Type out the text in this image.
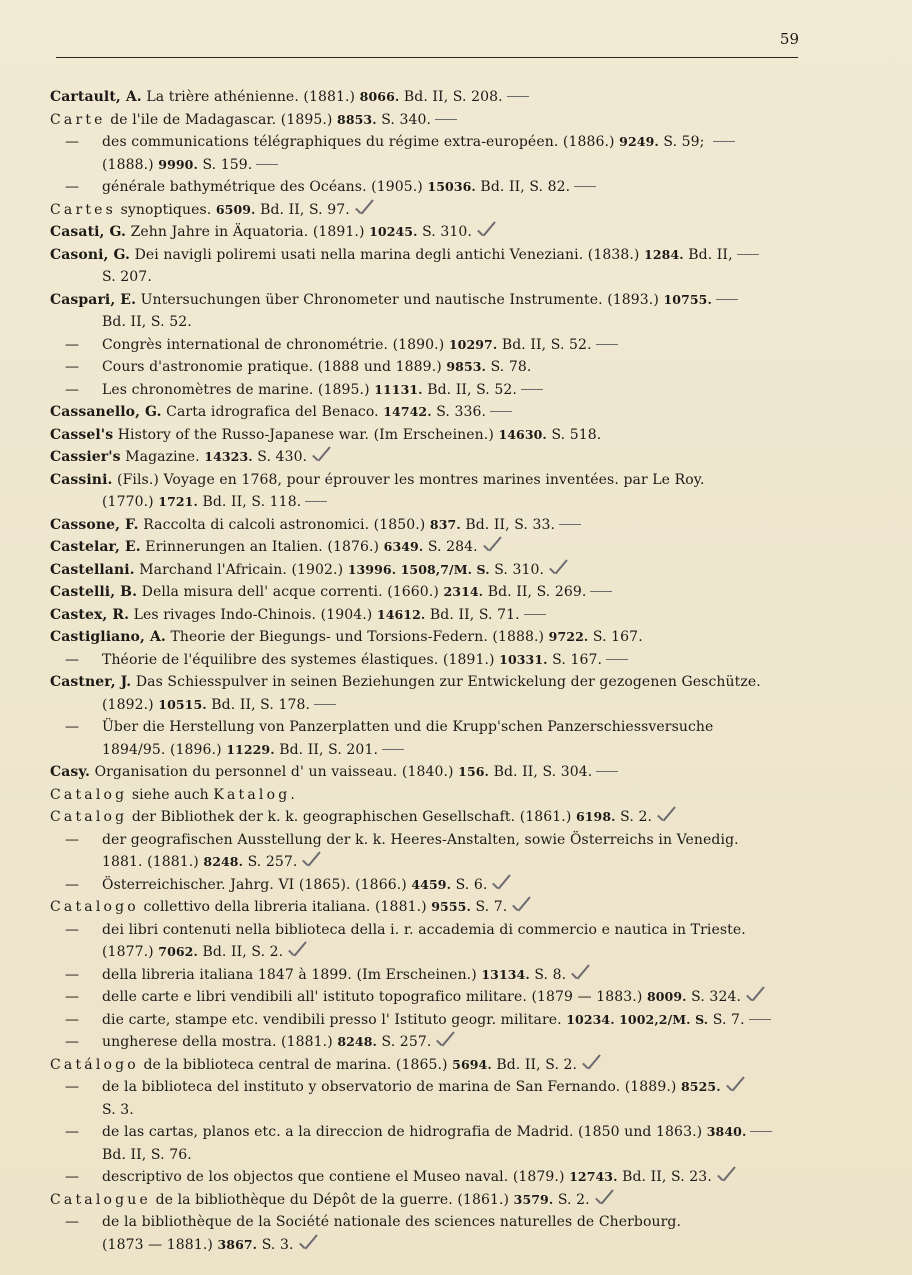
59
Cartault, A. La trière athénienne. (1881.) 8066. Bd. II, S. 208.
Carte de l'ile de Madagascar. (1895.) 8853. S. 340.
— des communications télégraphiques du régime extra-européen. (1886.) 9249. S. 59;
(1888.) 9990. S. 159.
— générale bathymétrique des Océans. (1905.) 15036. Bd. II, S. 82.
Cartes synoptiques. 6509. Bd. II, S. 97.
Casati, G. Zehn Jahre in Äquatoria. (1891.) 10245. S. 310.
Casoni, G. Dei navigli poliremi usati nella marina degli antichi Veneziani. (1838.) 1284. Bd. II,
S. 207.
Caspari, E. Untersuchungen über Chronometer und nautische Instrumente. (1893.) 10755.
Bd. II, S. 52.
— Congrès international de chronométrie. (1890.) 10297. Bd. II, S. 52.
— Cours d'astronomie pratique. (1888 und 1889.) 9853. S. 78.
— Les chronomètres de marine. (1895.) 11131. Bd. II, S. 52.
Cassanello, G. Carta idrografica del Benaco. 14742. S. 336.
Cassel's History of the Russo-Japanese war. (Im Erscheinen.) 14630. S. 518.
Cassier's Magazine. 14323. S. 430.
Cassini. (Fils.) Voyage en 1768, pour éprouver les montres marines inventées. par Le Roy.
(1770.) 1721. Bd. II, S. 118.
Cassone, F. Raccolta di calcoli astronomici. (1850.) 837. Bd. II, S. 33.
Castelar, E. Erinnerungen an Italien. (1876.) 6349. S. 284.
Castellani. Marchand l'Africain. (1902.) 13996. 1508,7/M. S. S. 310.
Castelli, B. Della misura dell' acque correnti. (1660.) 2314. Bd. II, S. 269.
Castex, R. Les rivages Indo-Chinois. (1904.) 14612. Bd. II, S. 71.
Castigliano, A. Theorie der Biegungs- und Torsions-Federn. (1888.) 9722. S. 167.
— Théorie de l'équilibre des systemes élastiques. (1891.) 10331. S. 167.
Castner, J. Das Schiesspulver in seinen Beziehungen zur Entwickelung der gezogenen Geschütze.
(1892.) 10515. Bd. II, S. 178.
— Über die Herstellung von Panzerplatten und die Krupp'schen Panzerschiessversuche
1894/95. (1896.) 11229. Bd. II, S. 201.
Casy. Organisation du personnel d' un vaisseau. (1840.) 156. Bd. II, S. 304.
Catalog siehe auch Katalog.
Catalog der Bibliothek der k. k. geographischen Gesellschaft. (1861.) 6198. S. 2.
— der geografischen Ausstellung der k. k. Heeres-Anstalten, sowie Österreichs in Venedig.
1881. (1881.) 8248. S. 257.
— Österreichischer. Jahrg. VI (1865). (1866.) 4459. S. 6.
Catalogo collettivo della libreria italiana. (1881.) 9555. S. 7.
— dei libri contenuti nella biblioteca della i. r. accademia di commercio e nautica in Trieste.
(1877.) 7062. Bd. II, S. 2.
— della libreria italiana 1847 à 1899. (Im Erscheinen.) 13134. S. 8.
— delle carte e libri vendibili all' istituto topografico militare. (1879 — 1883.) 8009. S. 324.
— die carte, stampe etc. vendibili presso l' Istituto geogr. militare. 10234. 1002,2/M. S. S. 7.
— ungherese della mostra. (1881.) 8248. S. 257.
Catálogo de la biblioteca central de marina. (1865.) 5694. Bd. II, S. 2.
— de la biblioteca del instituto y observatorio de marina de San Fernando. (1889.) 8525.
S. 3.
— de las cartas, planos etc. a la direccion de hidrografia de Madrid. (1850 und 1863.) 3840.
Bd. II, S. 76.
— descriptivo de los objectos que contiene el Museo naval. (1879.) 12743. Bd. II, S. 23.
Catalogue de la bibliothèque du Dépôt de la guerre. (1861.) 3579. S. 2.
— de la bibliothèque de la Société nationale des sciences naturelles de Cherbourg.
(1873 — 1881.) 3867. S. 3.
